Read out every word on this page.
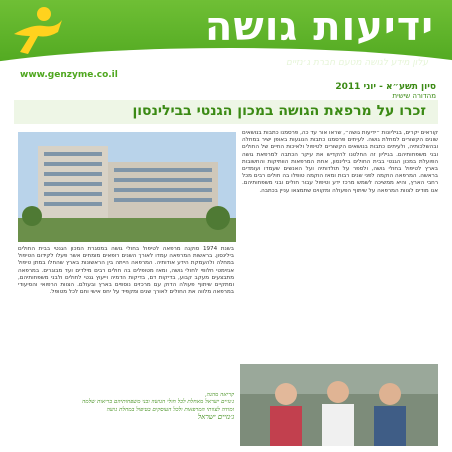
ידיעות גושה
עלון מידע לגושה מטעם חברת ג׳נזיים
www.genzyme.co.il
סיון תשע״א - יוני 2011
מהדורה שישית
זכרו על מרפאת הגושה במכון הגנטי בבילינסון
קוראים יקרים, בגיליונות ״ידיעות גושה״, שראו אור עד כה, פרסמנו כתבות בנושאים שונים הקשורים למחלת גושה. לעיתים פרסמנו כתבות הנוגעות באופן ישיר במחלה ובהשלכותיה, ולעיתים כתבות בנושאים הקשורים לטיפול ולאיכות החיים של החולים ובני משפחותיהם. בגיליון זה החלטנו להקדיש את עיקר הכתבה למרפאת גושה הפועלת במכון הגנטי בבית החולים בילינסון, אחת המרפאות הוותיקות והחשובות בארץ לטיפול בחולי גושה, ולספר על תולדותיה ועל האנשים שעמדו ועומדים בראשה. המרפאה הוקמה לפני שנים רבות ומאז הוקמה טופלו בה חולים רבים מכל רחבי הארץ, והיא ממשיכה לשמש מרכז ידע וטיפול עבור חולים ובני משפחותיהם. אנו מודים לצוות המרפאה על שיתוף הפעולה ומקווים שתמצאו עניין בכתבה.
בשנת 1974 סוקנה מרפאה לטיפול בחולי גושה במסגרת המכון הגנטי בבית החולים בילינסון. בראשות המרפאה עמדו לאורך השנים רופאים מומחים אשר פעלו לקידום הטיפול במחלה ולהעמקת הידע אודותיה. המרפאה הייתה בין הראשונות בארץ שהחלו במתן טיפול אנזימטי חלופי לחולי גושה, ומאז מטופלים בה חולים רבים מילדים ועד מבוגרים. במרפאה מתבצעים מעקב קבוע, בדיקות דם, בדיקות הדמיה וייעוץ גנטי לחולים ולבני משפחותיהם, ומתקיים שיתוף פעולה הדוק עם מרכזים נוספים בארץ ובעולם. הצוות הרפואי והסיעודי במרפאה מלווה את החולים לאורך שנים ומקפיד על יחס אישי וחם לכל מטופל.
קריאה מהנה,
ג׳נזיים ישראל מאחלת לכל חולי הגושה ובני משפחותיהם בריאות שלמה
ומודה לצוותי המרפאות ולכל העוסקים בטיפול במחלת גושה
ג׳נזיים ישראל
